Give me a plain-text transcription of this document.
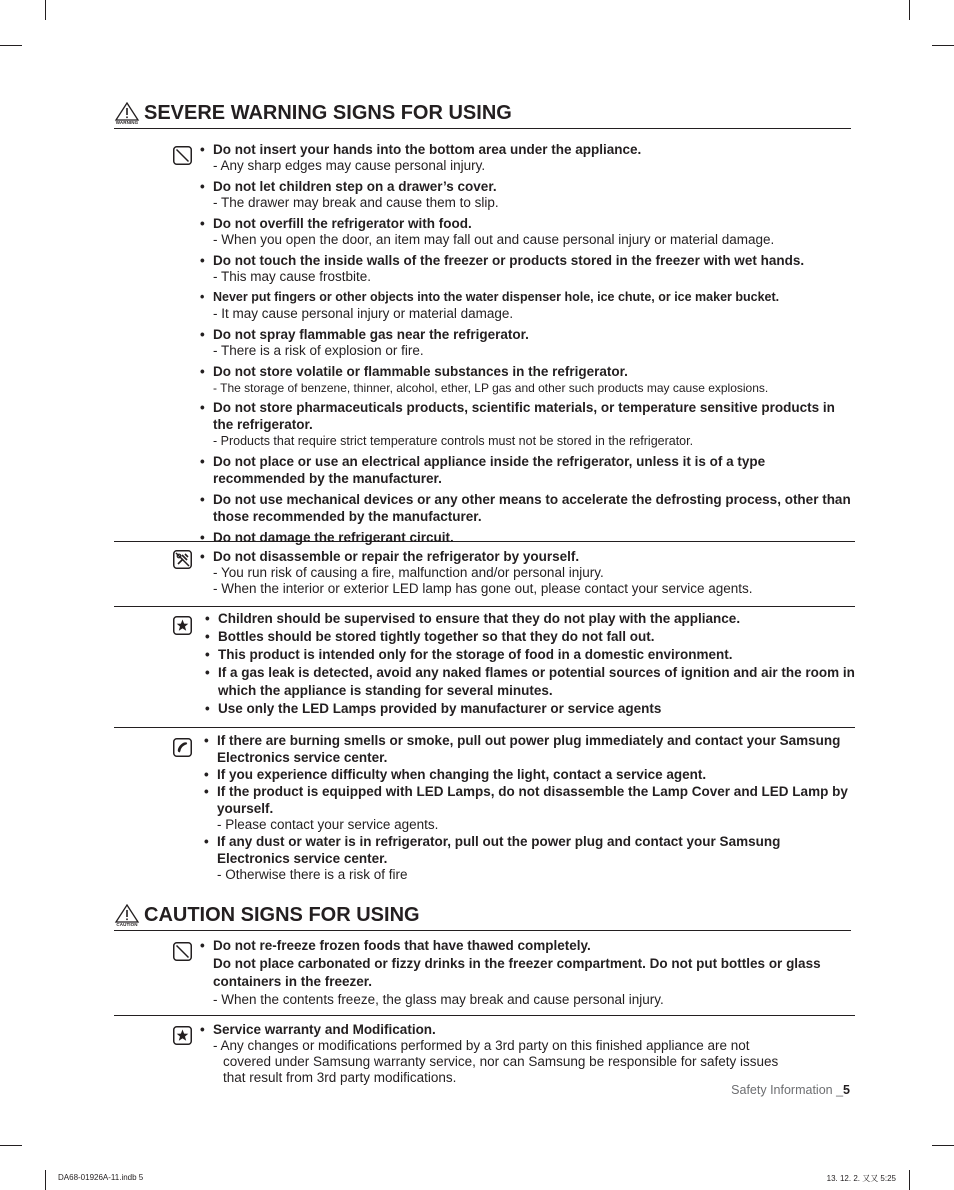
WARNING SEVERE WARNING SIGNS FOR USING
• Do not insert your hands into the bottom area under the appliance.
- Any sharp edges may cause personal injury.
• Do not let children step on a drawer’s cover.
- The drawer may break and cause them to slip.
• Do not overfill the refrigerator with food.
- When you open the door, an item may fall out and cause personal injury or material damage.
• Do not touch the inside walls of the freezer or products stored in the freezer with wet hands.
- This may cause frostbite.
• Never put fingers or other objects into the water dispenser hole, ice chute, or ice maker bucket.
- It may cause personal injury or material damage.
• Do not spray flammable gas near the refrigerator.
- There is a risk of explosion or fire.
• Do not store volatile or flammable substances in the refrigerator.
- The storage of benzene, thinner, alcohol, ether, LP gas and other such products may cause explosions.
• Do not store pharmaceuticals products, scientific materials, or temperature sensitive products in the refrigerator.
- Products that require strict temperature controls must not be stored in the refrigerator.
• Do not place or use an electrical appliance inside the refrigerator, unless it is of a type recommended by the manufacturer.
• Do not use mechanical devices or any other means to accelerate the defrosting process, other than those recommended by the manufacturer.
• Do not damage the refrigerant circuit.
• Do not disassemble or repair the refrigerator by yourself.
- You run risk of causing a fire, malfunction and/or personal injury.
- When the interior or exterior LED lamp has gone out, please contact your service agents.
• Children should be supervised to ensure that they do not play with the appliance.
• Bottles should be stored tightly together so that they do not fall out.
• This product is intended only for the storage of food in a domestic environment.
• If a gas leak is detected, avoid any naked flames or potential sources of ignition and air the room in which the appliance is standing for several minutes.
• Use only the LED Lamps provided by manufacturer or service agents
• If there are burning smells or smoke, pull out power plug immediately and contact your Samsung Electronics service center.
• If you experience difficulty when changing the light, contact a service agent.
• If the product is equipped with LED Lamps, do not disassemble the Lamp Cover and LED Lamp by yourself.
- Please contact your service agents.
• If any dust or water is in refrigerator, pull out the power plug and contact your Samsung Electronics service center.
- Otherwise there is a risk of fire
CAUTION CAUTION SIGNS FOR USING
• Do not re-freeze frozen foods that have thawed completely.
Do not place carbonated or fizzy drinks in the freezer compartment. Do not put bottles or glass containers in the freezer.
- When the contents freeze, the glass may break and cause personal injury.
• Service warranty and Modification.
- Any changes or modifications performed by a 3rd party on this finished appliance are not
covered under Samsung warranty service, nor can Samsung be responsible for safety issues
that result from 3rd party modifications.
Safety Information _5
DA68-01926A-11.indb 5	13. 12. 2. 又又 5:25
